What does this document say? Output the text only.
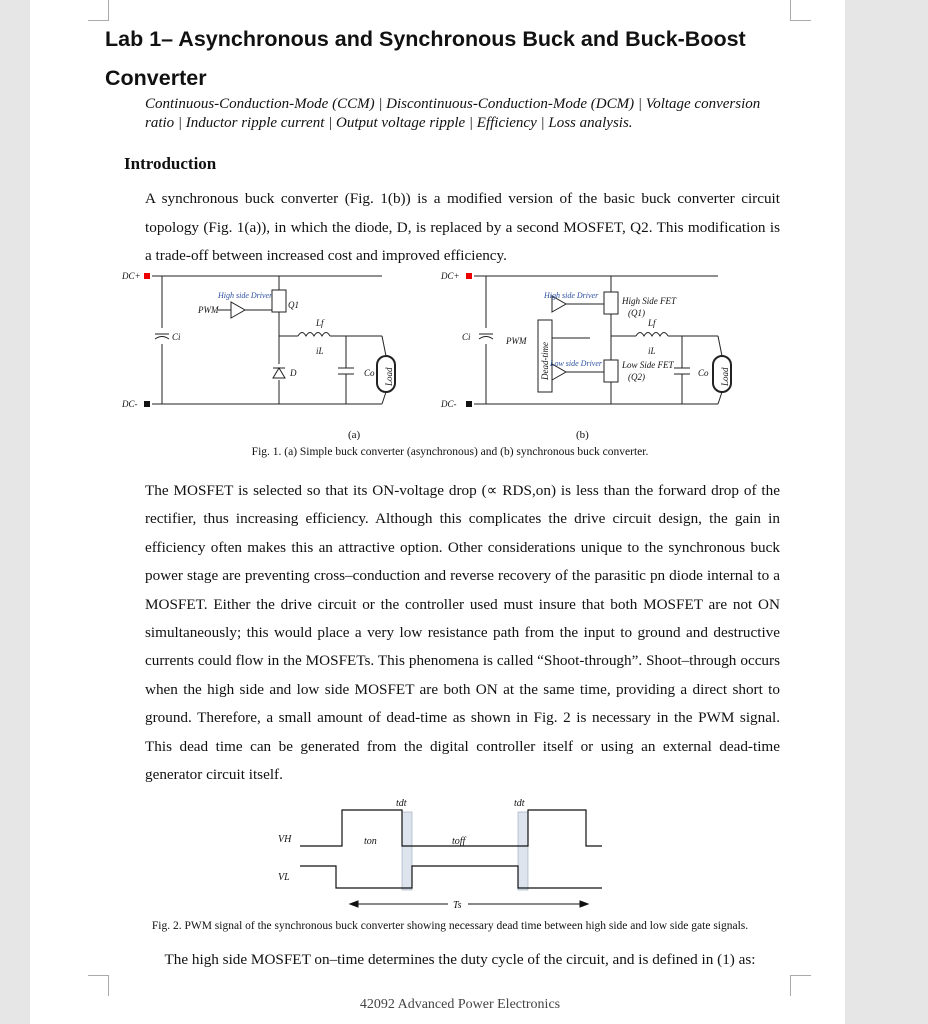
Lab 1– Asynchronous and Synchronous Buck and Buck-Boost Converter
Continuous-Conduction-Mode (CCM) | Discontinuous-Conduction-Mode (DCM) | Voltage conversion ratio | Inductor ripple current | Output voltage ripple | Efficiency | Loss analysis.
Introduction

A synchronous buck converter (Fig. 1(b)) is a modified version of the basic buck converter circuit topology (Fig. 1(a)), in which the diode, D, is replaced by a second MOSFET, Q2. This modification is a trade-off between increased cost and improved efficiency.

DC+
DC-
DC+
DC-
Ci	Ci
Q1
PWM
PWM
Lf	Lf
iL	iL
Co	Co
D	Load	Load
Dead-time
High Side FET
(Q1)
Low Side FET
(Q2)
High side Driver	High side Driver
Low side Driver
(a)	(b)
Fig. 1. (a) Simple buck converter (asynchronous) and (b) synchronous buck converter.

The MOSFET is selected so that its ON-voltage drop (∝ RDS,on) is less than the forward drop of the rectifier, thus increasing efficiency. Although this complicates the drive circuit design, the gain in efficiency often makes this an attractive option. Other considerations unique to the synchronous buck power stage are preventing cross–conduction and reverse recovery of the parasitic pn diode internal to a MOSFET. Either the drive circuit or the controller used must insure that both MOSFET are not ON simultaneously; this would place a very low resistance path from the input to ground and destructive currents could flow in the MOSFETs. This phenomena is called “Shoot-through”. Shoot–through occurs when the high side and low side MOSFET are both ON at the same time, providing a direct short to ground. Therefore, a small amount of dead-time as shown in Fig. 2 is necessary in the PWM signal. This dead time can be generated from the digital controller itself or using an external dead-time generator circuit itself.

VH
VL
ton	toff
tdt	tdt
Ts
Fig. 2. PWM signal of the synchronous buck converter showing necessary dead time between high side and low side gate signals.
The high side MOSFET on–time determines the duty cycle of the circuit, and is defined in (1) as:
42092 Advanced Power Electronics
